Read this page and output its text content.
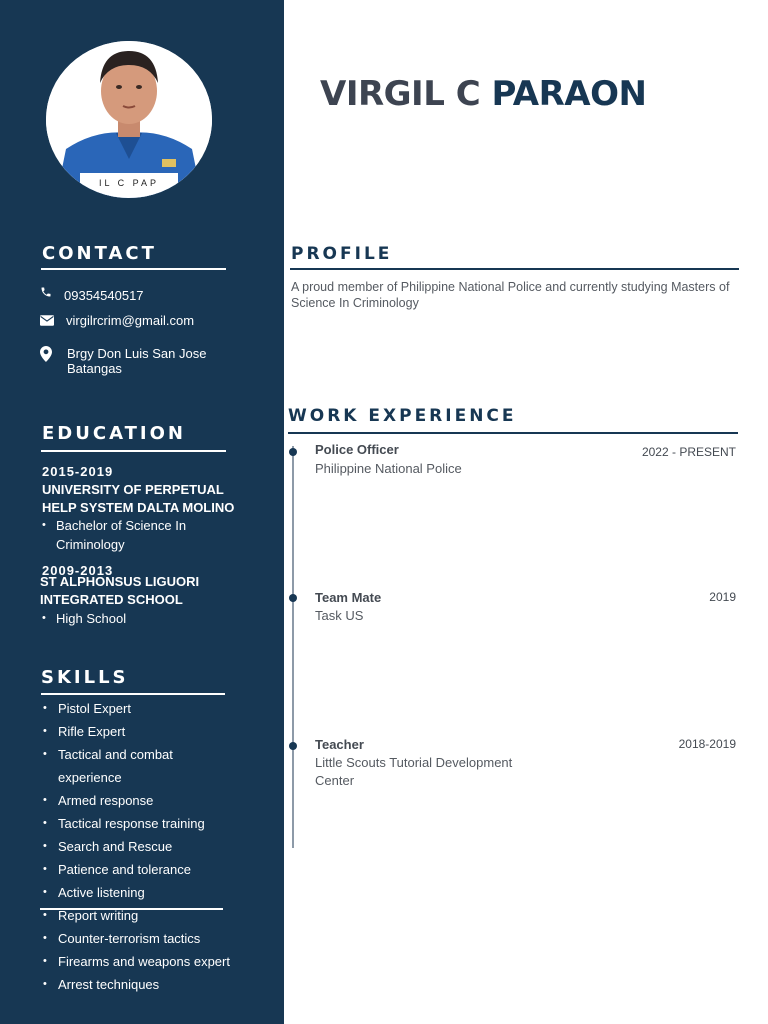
IL C PAP
CONTACT
09354540517
virgilrcrim@gmail.com
Brgy Don Luis San Jose
Batangas
EDUCATION
2015-2019
UNIVERSITY OF PERPETUAL HELP SYSTEM DALTA MOLINO
• Bachelor of Science In Criminology
2009-2013
ST ALPHONSUS LIGUORI INTEGRATED SCHOOL
• High School
SKILLS
• Pistol Expert
• Rifle Expert
• Tactical and combat experience
• Armed response
• Tactical response training
• Search and Rescue
• Patience and tolerance
• Active listening
• Report writing
• Counter-terrorism tactics
• Firearms and weapons expert
• Arrest techniques
VIRGIL C PARAON
PROFILE
A proud member of Philippine National Police and currently studying Masters of Science In Criminology
WORK EXPERIENCE
Police Officer
Philippine National Police
2022 - PRESENT
Team Mate
Task US
2019
Teacher
Little Scouts Tutorial Development Center
2018-2019
